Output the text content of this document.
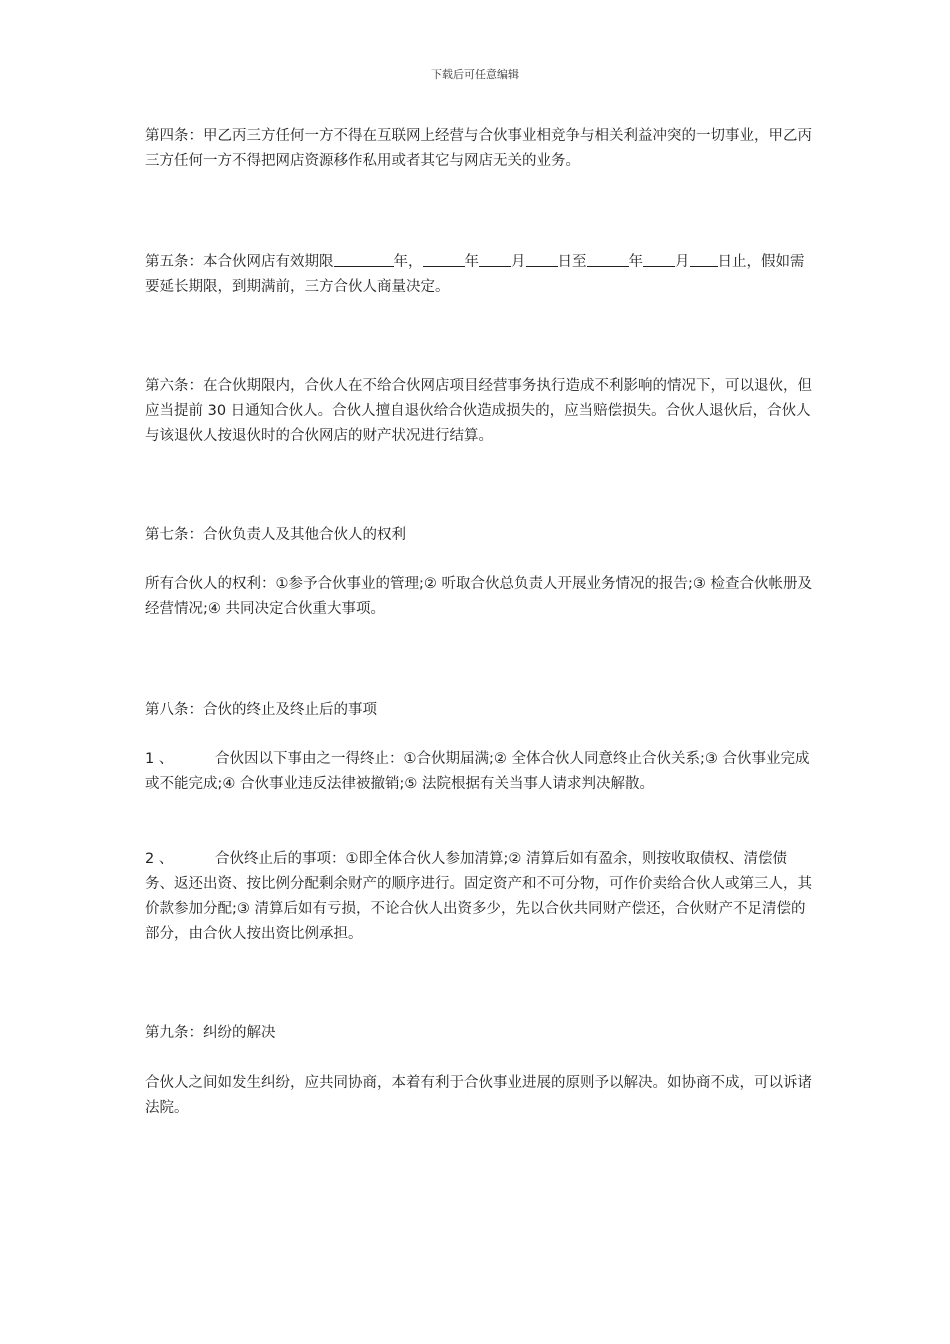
下载后可任意编辑
第四条：甲乙丙三方任何一方不得在互联网上经营与合伙事业相竞争与相关利益冲突的一切事业，甲乙丙三方任何一方不得把网店资源移作私用或者其它与网店无关的业务。
第五条：本合伙网店有效期限	年，	年 月 日至	年 月 日止，假如需要延长期限，到期满前，三方合伙人商量决定。
第六条：在合伙期限内，合伙人在不给合伙网店项目经营事务执行造成不利影响的情况下，可以退伙，但应当提前 30 日通知合伙人。合伙人擅自退伙给合伙造成损失的，应当赔偿损失。合伙人退伙后，合伙人与该退伙人按退伙时的合伙网店的财产状况进行结算。
第七条：合伙负责人及其他合伙人的权利
所有合伙人的权利：①参予合伙事业的管理;② 听取合伙总负责人开展业务情况的报告;③ 检查合伙帐册及经营情况;④ 共同决定合伙重大事项。
第八条：合伙的终止及终止后的事项
1 、	合伙因以下事由之一得终止：①合伙期届满;② 全体合伙人同意终止合伙关系;③ 合伙事业完成或不能完成;④ 合伙事业违反法律被撤销;⑤ 法院根据有关当事人请求判决解散。
2 、	合伙终止后的事项：①即全体合伙人参加清算;② 清算后如有盈余，则按收取债权、清偿债务、返还出资、按比例分配剩余财产的顺序进行。固定资产和不可分物，可作价卖给合伙人或第三人，其价款参加分配;③ 清算后如有亏损，不论合伙人出资多少，先以合伙共同财产偿还，合伙财产不足清偿的部分，由合伙人按出资比例承担。
第九条：纠纷的解决
合伙人之间如发生纠纷，应共同协商，本着有利于合伙事业进展的原则予以解决。如协商不成，可以诉诸法院。
